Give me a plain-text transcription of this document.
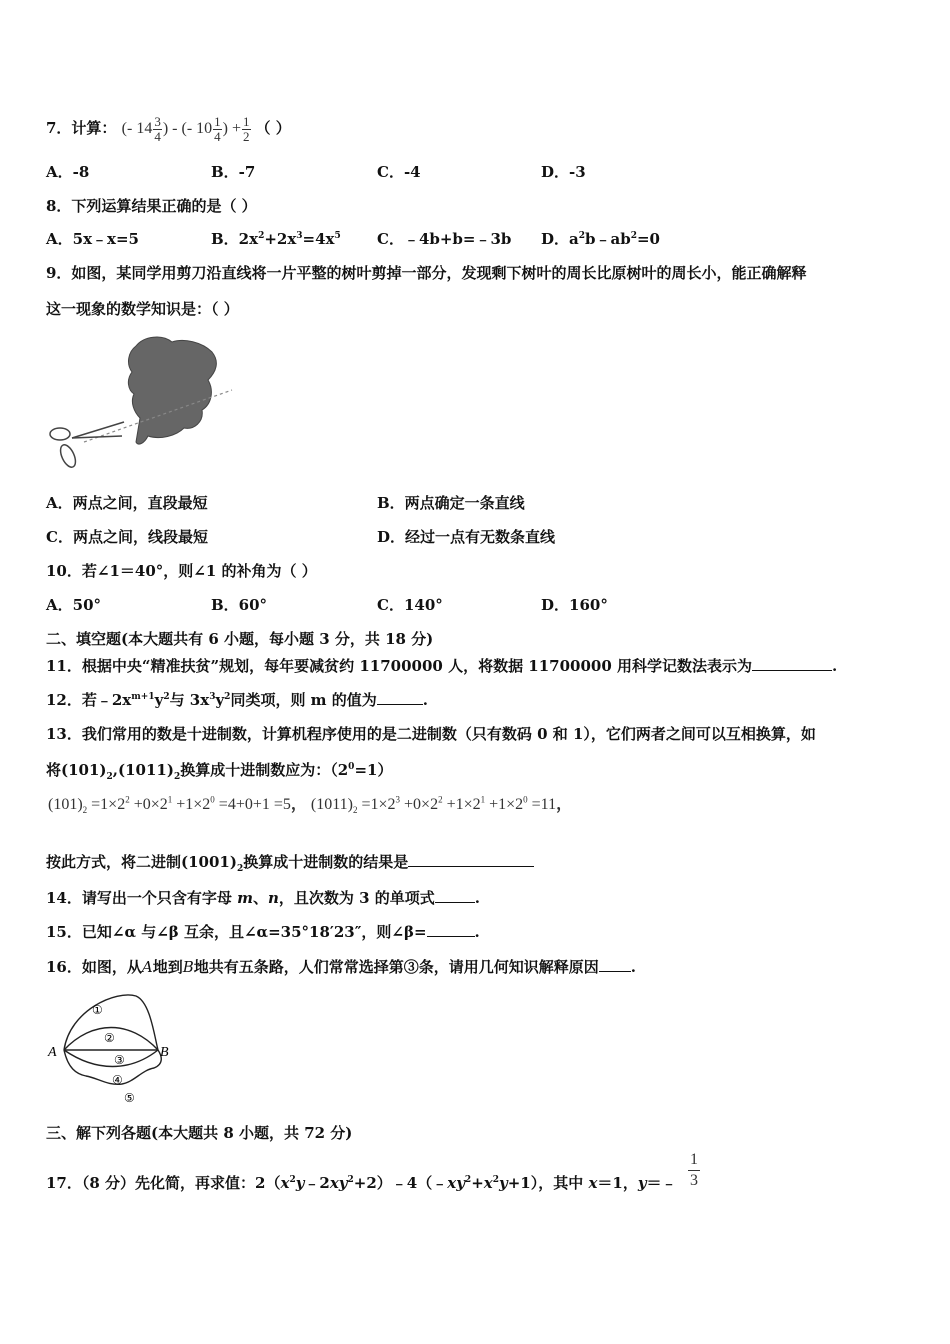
7．计算： (- $14 \frac{3}{4}$ ) - (- $10 \frac{1}{4}$ ) + $\frac{1}{2}$ （ ）
A．-8	B．-7	C．-4	D．-3
8．下列运算结果正确的是（ ）
A．5x﹣x=5	B．$2x^2+2x^3=4x^5$ C．﹣4b+b=﹣3b D．$a^2b﹣ab^2=0$
9．如图，某同学用剪刀沿直线将一片平整的树叶剪掉一部分，发现剩下树叶的周长比原树叶的周长小，能正确解释
这一现象的数学知识是：（ ）
A．两点之间，直段最短	B．两点确定一条直线
C．两点之间，线段最短	D．经过一点有无数条直线
10．若∠1＝40°，则∠1 的补角为（ ）
A．50°	B．60°	C．140°	D．160°
二、填空题(本大题共有 6 小题，每小题 3 分，共 18 分)
11．根据中央“精准扶贫”规划，每年要减贫约 11700000 人，将数据 11700000 用科学记数法表示为	.
12．若$﹣2x^{m+1}y^2$与 $3x^3y^2$同类项，则 m 的值为	.
13．我们常用的数是十进制数，计算机程序使用的是二进制数（只有数码 0 和 1），它们两者之间可以互相换算，如
将$(101)_2,(1011)_2$换算成十进制数应为：$(2^0=1)$
$(101)_2 =1\times 2^2 +0\times 2^1 +1\times 2^0 =4+0+1 =5$， $(1011)_2 =1\times 2^3 +0\times 2^2 +1\times 2^1 +1\times 2^0 =11$，
按此方式，将二进制$(1001)_2$换算成十进制数的结果是
14．请写出一个只含有字母 m、n，且次数为 3 的单项式	.
15．已知∠α 与∠β 互余，且∠α=35°18′23″，则∠β=	.
16．如图，从A地到B地共有五条路，人们常常选择第③条，请用几何知识解释原因 .
A	B
①
②
③
④
⑤
三、解下列各题(本大题共 8 小题，共 72 分)
17．（8 分）先化简，再求值：$2(x^2y﹣2xy^2+2)﹣4(﹣xy^2+x^2y+1)$，其中 x＝1，y＝﹣
1
3
